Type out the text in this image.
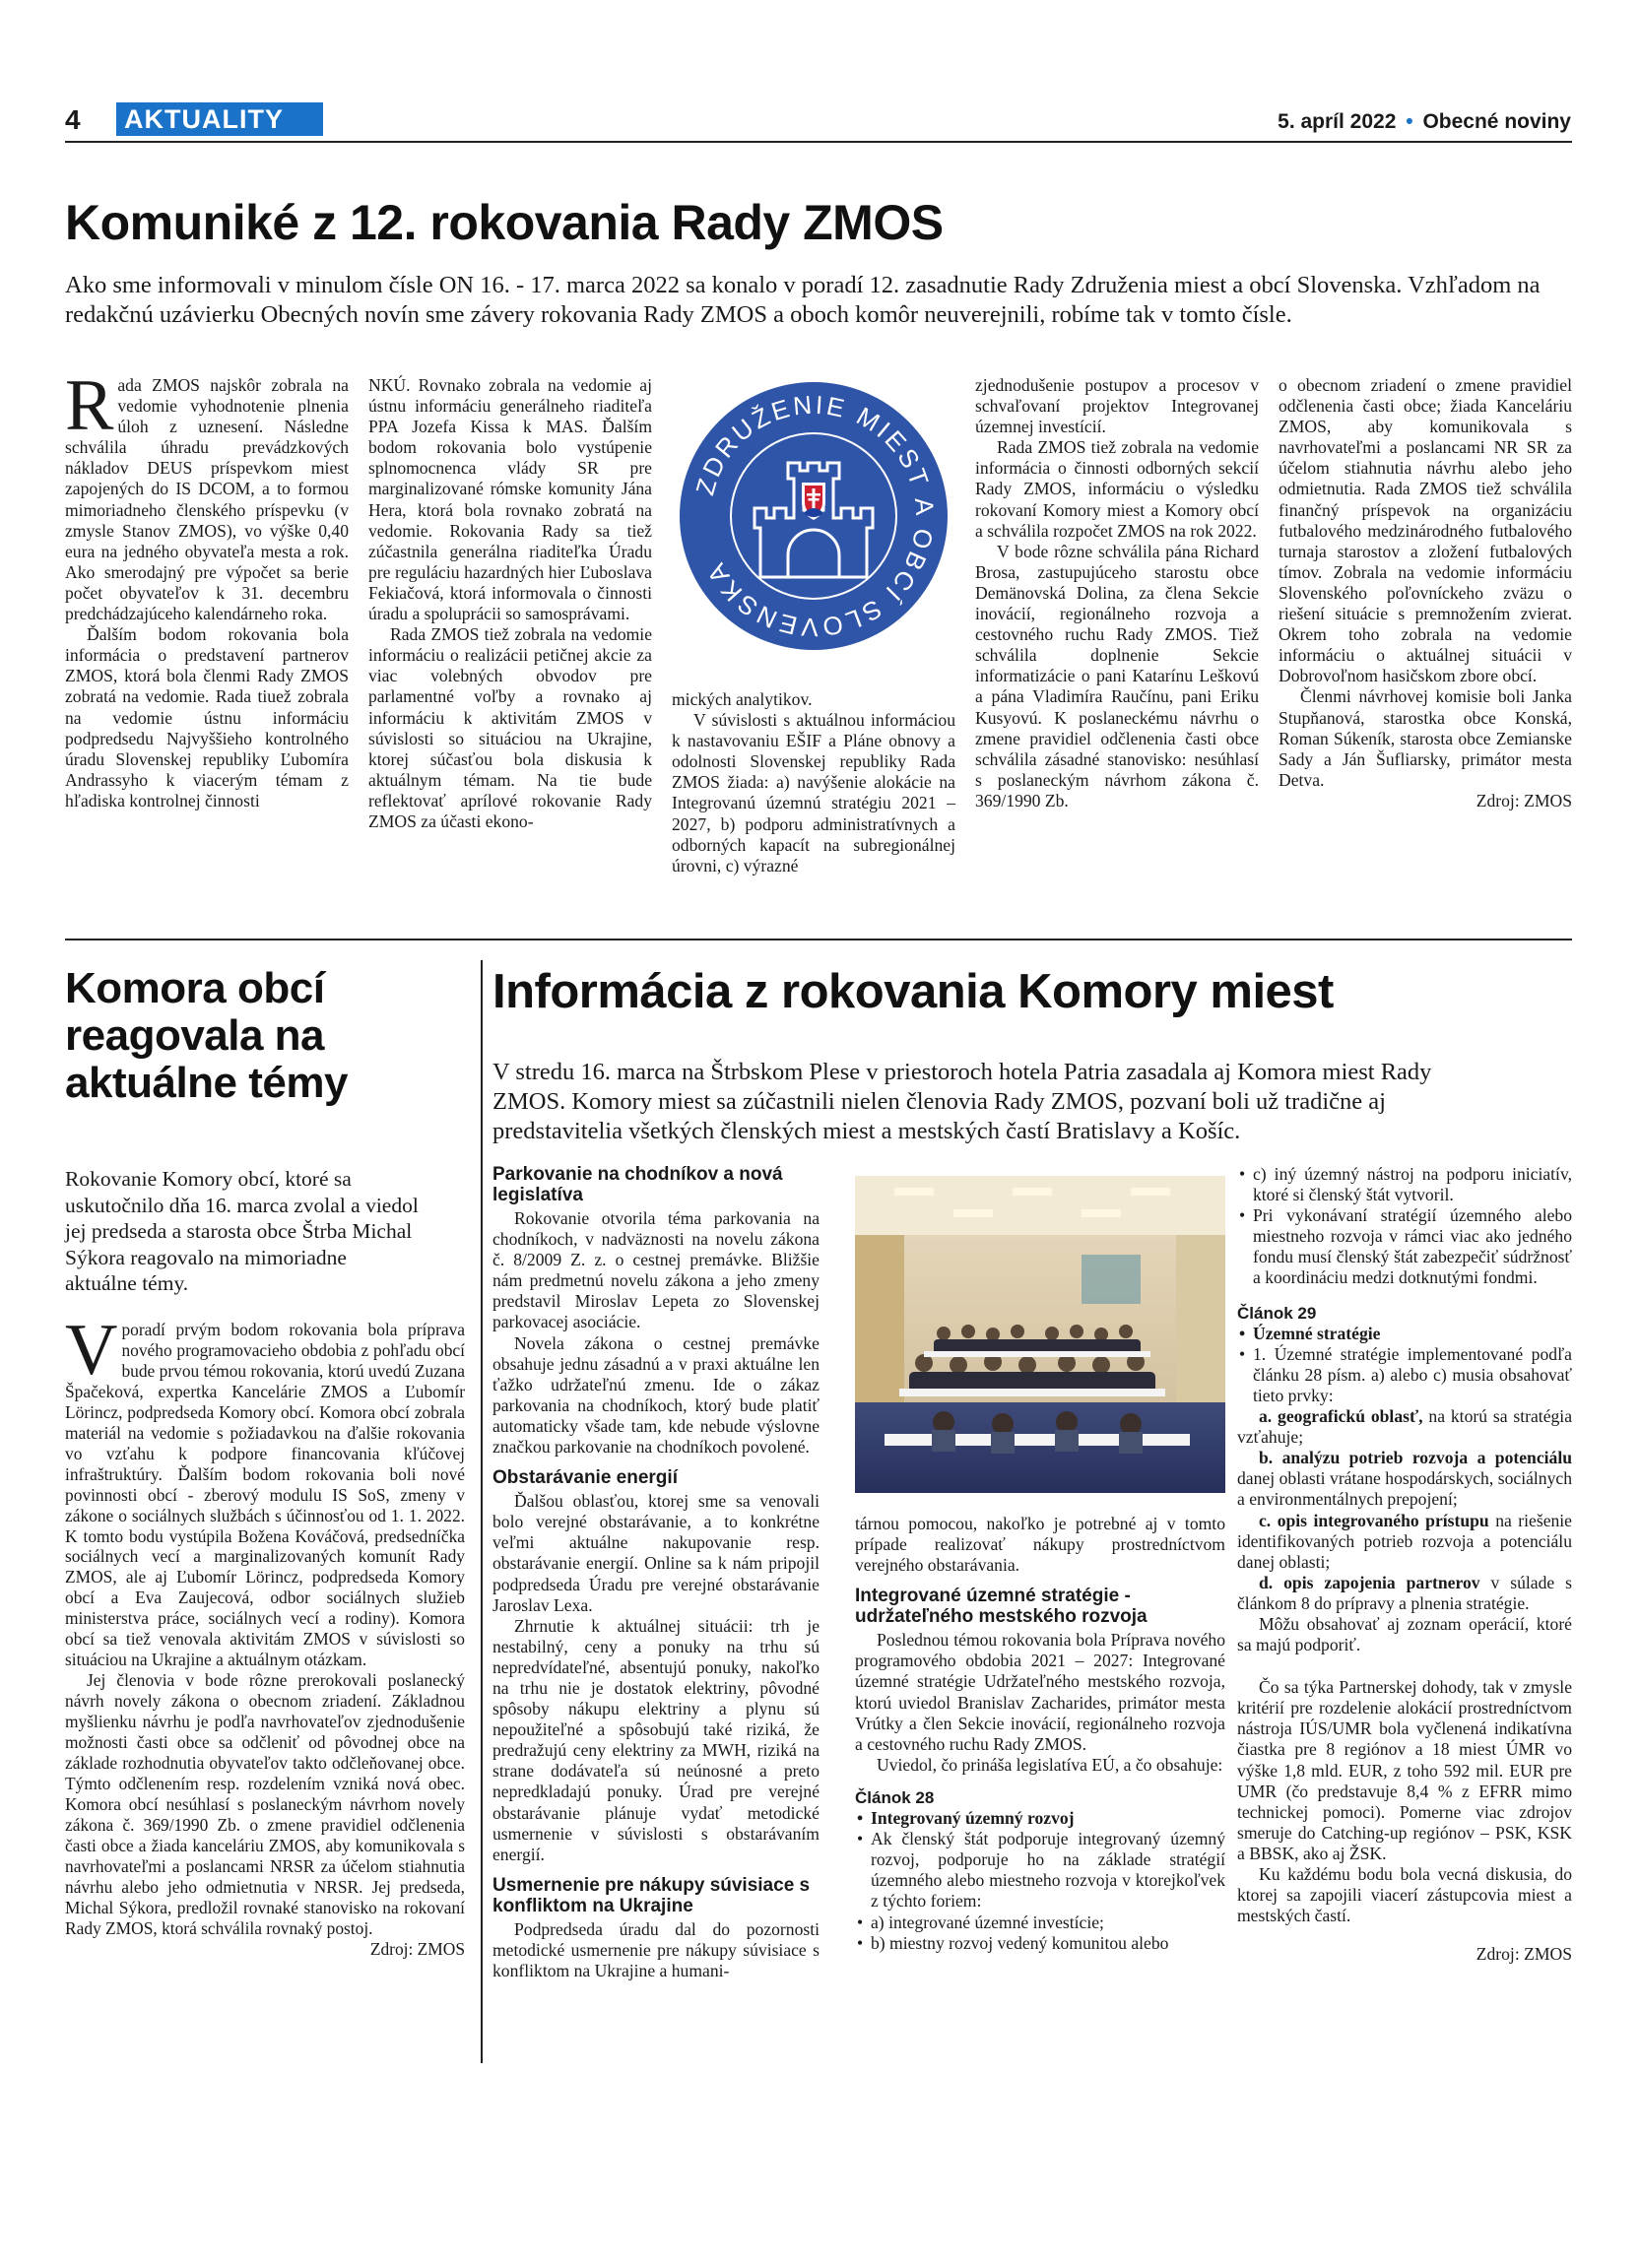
4 AKTUALITY	5. apríl 2022 • Obecné noviny
Komuniké z 12. rokovania Rady ZMOS
Ako sme informovali v minulom čísle ON 16. - 17. marca 2022 sa konalo v poradí 12. zasadnutie Rady Združenia miest a obcí Slovenska. Vzhľadom na redakčnú uzávierku Obecných novín sme závery rokovania Rady ZMOS a oboch komôr neuverejnili, robíme tak v tomto čísle.

Rada ZMOS najskôr zobrala na vedomie vyhodnotenie plnenia úloh z uznesení. Následne schválila úhradu prevádzkových nákladov DEUS príspevkom miest zapojených do IS DCOM, a to formou mimoriadneho členského príspevku (v zmysle Stanov ZMOS), vo výške 0,40 eura na jedného obyvateľa mesta a rok. Ako smerodajný pre výpočet sa berie počet obyvateľov k 31. decembru predchádzajúceho kalendárneho roka.

Ďalším bodom rokovania bola informácia o predstavení partnerov ZMOS, ktorá bola členmi Rady ZMOS zobratá na vedomie. Rada tiuež zobrala na vedomie ústnu informáciu podpredsedu Najvyššieho kontrolného úradu Slovenskej republiky Ľubomíra Andrassyho k viacerým témam z hľadiska kontrolnej činnosti

NKÚ. Rovnako zobrala na vedomie aj ústnu informáciu generálneho riaditeľa PPA Jozefa Kissa k MAS. Ďalším bodom rokovania bolo vystúpenie splnomocnenca vlády SR pre marginalizované rómske komunity Jána Hera, ktorá bola rovnako zobratá na vedomie. Rokovania Rady sa tiež zúčastnila generálna riaditeľka Úradu pre reguláciu hazardných hier Ľuboslava Fekiačová, ktorá informovala o činnosti úradu a spoluprácii so samosprávami.

Rada ZMOS tiež zobrala na vedomie informáciu o realizácii petičnej akcie za viac volebných obvodov pre parlamentné voľby a rovnako aj informáciu k aktivitám ZMOS v súvislosti so situáciou na Ukrajine, ktorej súčasťou bola diskusia k aktuálnym témam. Na tie bude reflektovať aprílové rokovanie Rady ZMOS za účasti ekono-

ZDRUŽENIE MIEST A OBCÍ SLOVENSKA

mických analytikov.

V súvislosti s aktuálnou informáciou k nastavovaniu EŠIF a Pláne obnovy a odolnosti Slovenskej republiky Rada ZMOS žiada: a) navýšenie alokácie na Integrovanú územnú stratégiu 2021 – 2027, b) podporu administratívnych a odborných kapacít na subregionálnej úrovni, c) výrazné

zjednodušenie postupov a procesov v schvaľovaní projektov Integrovanej územnej investícií.

Rada ZMOS tiež zobrala na vedomie informácia o činnosti odborných sekcií Rady ZMOS, informáciu o výsledku rokovaní Komory miest a Komory obcí a schválila rozpočet ZMOS na rok 2022.

V bode rôzne schválila pána Richard Brosa, zastupujúceho starostu obce Demänovská Dolina, za člena Sekcie inovácií, regionálneho rozvoja a cestovného ruchu Rady ZMOS. Tiež schválila doplnenie Sekcie informatizácie o pani Katarínu Leškovú a pána Vladimíra Raučínu, pani Eriku Kusyovú. K poslaneckému návrhu o zmene pravidiel odčlenenia časti obce schválila zásadné stanovisko: nesúhlasí s poslaneckým návrhom zákona č. 369/1990 Zb.

o obecnom zriadení o zmene pravidiel odčlenenia časti obce; žiada Kanceláriu ZMOS, aby komunikovala s navrhovateľmi a poslancami NR SR za účelom stiahnutia návrhu alebo jeho odmietnutia. Rada ZMOS tiež schválila finančný príspevok na organizáciu futbalového medzinárodného futbalového turnaja starostov a zložení futbalových tímov. Zobrala na vedomie informáciu Slovenského poľovníckeho zväzu o riešení situácie s premnožením zvierat. Okrem toho zobrala na vedomie informáciu o aktuálnej situácii v Dobrovoľnom hasičskom zbore obcí.

Členmi návrhovej komisie boli Janka Stupňanová, starostka obce Konská, Roman Súkeník, starosta obce Zemianske Sady a Ján Šufliarsky, primátor mesta Detva.

Zdroj: ZMOS

Komora obcí reagovala na aktuálne témy
Rokovanie Komory obcí, ktoré sa uskutočnilo dňa 16. marca zvolal a viedol jej predseda a starosta obce Štrba Michal Sýkora reagovalo na mimoriadne aktuálne témy.

Vporadí prvým bodom rokovania bola príprava nového programovacieho obdobia z pohľadu obcí bude prvou témou rokovania, ktorú uvedú Zuzana Špačeková, expertka Kancelárie ZMOS a Ľubomír Lörincz, podpredseda Komory obcí. Komora obcí zobrala materiál na vedomie s požiadavkou na ďalšie rokovania vo vzťahu k podpore financovania kľúčovej infraštruktúry. Ďalším bodom rokovania boli nové povinnosti obcí - zberový modulu IS SoS, zmeny v zákone o sociálnych službách s účinnosťou od 1. 1. 2022. K tomto bodu vystúpila Božena Kováčová, predsedníčka sociálnych vecí a marginalizovaných komunít Rady ZMOS, ale aj Ľubomír Lörincz, podpredseda Komory obcí a Eva Zaujecová, odbor sociálnych služieb ministerstva práce, sociálnych vecí a rodiny). Komora obcí sa tiež venovala aktivitám ZMOS v súvislosti so situáciou na Ukrajine a aktuálnym otázkam.

Jej členovia v bode rôzne prerokovali poslanecký návrh novely zákona o obecnom zriadení. Základnou myšlienku návrhu je podľa navrhovateľov zjednodušenie možnosti časti obce sa odčleniť od pôvodnej obce na základe rozhodnutia obyvateľov takto odčleňovanej obce. Týmto odčlenením resp. rozdelením vzniká nová obec. Komora obcí nesúhlasí s poslaneckým návrhom novely zákona č. 369/1990 Zb. o zmene pravidiel odčlenenia časti obce a žiada kanceláriu ZMOS, aby komunikovala s navrhovateľmi a poslancami NRSR za účelom stiahnutia návrhu alebo jeho odmietnutia v NRSR. Jej predseda, Michal Sýkora, predložil rovnaké stanovisko na rokovaní Rady ZMOS, ktorá schválila rovnaký postoj.

Zdroj: ZMOS

Informácia z rokovania Komory miest
V stredu 16. marca na Štrbskom Plese v priestoroch hotela Patria zasadala aj Komora miest Rady ZMOS. Komory miest sa zúčastnili nielen členovia Rady ZMOS, pozvaní boli už tradične aj predstavitelia všetkých členských miest a mestských častí Bratislavy a Košíc.
Parkovanie na chodníkov a nová legislatíva

Rokovanie otvorila téma parkovania na chodníkoch, v nadväznosti na novelu zákona č. 8/2009 Z. z. o cestnej premávke. Bližšie nám predmetnú novelu zákona a jeho zmeny predstavil Miroslav Lepeta zo Slovenskej parkovacej asociácie.

Novela zákona o cestnej premávke obsahuje jednu zásadnú a v praxi aktuálne len ťažko udržateľnú zmenu. Ide o zákaz parkovania na chodníkoch, ktorý bude platiť automaticky všade tam, kde nebude výslovne značkou parkovanie na chodníkoch povolené.

Obstarávanie energií

Ďalšou oblasťou, ktorej sme sa venovali bolo verejné obstarávanie, a to konkrétne veľmi aktuálne nakupovanie resp. obstarávanie energií. Online sa k nám pripojil podpredseda Úradu pre verejné obstarávanie Jaroslav Lexa.

Zhrnutie k aktuálnej situácii: trh je nestabilný, ceny a ponuky na trhu sú nepredvídateľné, absentujú ponuky, nakoľko na trhu nie je dostatok elektriny, pôvodné spôsoby nákupu elektriny a plynu sú nepoužiteľné a spôsobujú také riziká, že predražujú ceny elektriny za MWH, riziká na strane dodávateľa sú neúnosné a preto nepredkladajú ponuky. Úrad pre verejné obstarávanie plánuje vydať metodické usmernenie v súvislosti s obstarávaním energií.

Usmernenie pre nákupy súvisiace s konfliktom na Ukrajine

Podpredseda úradu dal do pozornosti metodické usmernenie pre nákupy súvisiace s konfliktom na Ukrajine a humani-

tárnou pomocou, nakoľko je potrebné aj v tomto prípade realizovať nákupy prostredníctvom verejného obstarávania.

Integrované územné stratégie - udržateľného mestského rozvoja

Poslednou témou rokovania bola Príprava nového programového obdobia 2021 – 2027: Integrované územné stratégie Udržateľného mestského rozvoja, ktorú uviedol Branislav Zacharides, primátor mesta Vrútky a člen Sekcie inovácií, regionálneho rozvoja a cestovného ruchu Rady ZMOS.

Uviedol, čo prináša legislatíva EÚ, a čo obsahuje:

Článok 28
• Integrovaný územný rozvoj
• Ak členský štát podporuje integrovaný územný rozvoj, podporuje ho na základe stratégií územného alebo miestneho rozvoja v ktorejkoľvek z týchto foriem:
• a) integrované územné investície;
• b) miestny rozvoj vedený komunitou alebo
• c) iný územný nástroj na podporu iniciatív, ktoré si členský štát vytvoril.
• Pri vykonávaní stratégií územného alebo miestneho rozvoja v rámci viac ako jedného fondu musí členský štát zabezpečiť súdržnosť a koordináciu medzi dotknutými fondmi.
Článok 29
• Územné stratégie
• 1. Územné stratégie implementované podľa článku 28 písm. a) alebo c) musia obsahovať tieto prvky:

a. geografickú oblasť, na ktorú sa stratégia vzťahuje;

b. analýzu potrieb rozvoja a potenciálu danej oblasti vrátane hospodárskych, sociálnych a environmentálnych prepojení;

c. opis integrovaného prístupu na riešenie identifikovaných potrieb rozvoja a potenciálu danej oblasti;

d. opis zapojenia partnerov v súlade s článkom 8 do prípravy a plnenia stratégie.

Môžu obsahovať aj zoznam operácií, ktoré sa majú podporiť.

Čo sa týka Partnerskej dohody, tak v zmysle kritérií pre rozdelenie alokácií prostredníctvom nástroja IÚS/UMR bola vyčlenená indikatívna čiastka pre 8 regiónov a 18 miest ÚMR vo výške 1,8 mld. EUR, z toho 592 mil. EUR pre UMR (čo predstavuje 8,4 % z EFRR mimo technickej pomoci). Pomerne viac zdrojov smeruje do Catching-up regiónov – PSK, KSK a BBSK, ako aj ŽSK.

Ku každému bodu bola vecná diskusia, do ktorej sa zapojili viacerí zástupcovia miest a mestských častí.

Zdroj: ZMOS
